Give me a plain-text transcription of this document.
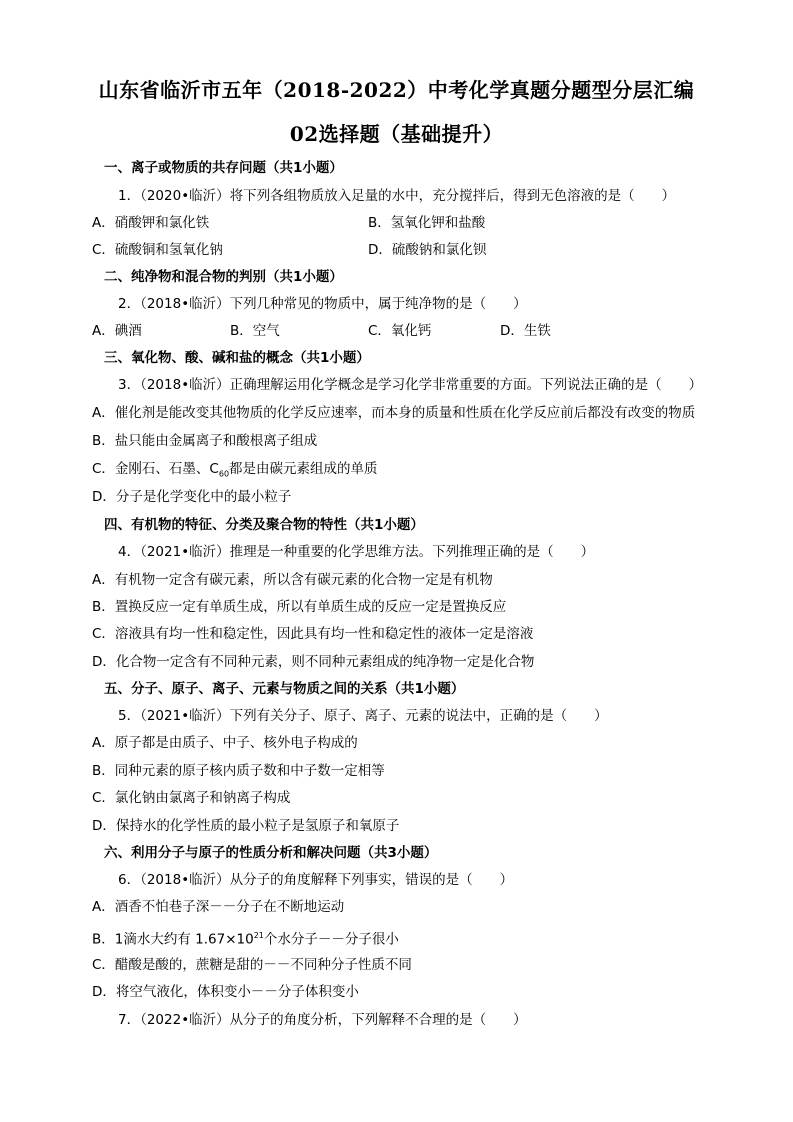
山东省临沂市五年（2018-2022）中考化学真题分题型分层汇编
02选择题（基础提升）
一、离子或物质的共存问题（共1小题）
1．（2020•临沂）将下列各组物质放入足量的水中，充分搅拌后，得到无色溶液的是（　　）
A．硝酸钾和氯化铁	B．氢氧化钾和盐酸
C．硫酸铜和氢氧化钠	D．硫酸钠和氯化钡
二、纯净物和混合物的判别（共1小题）
2．（2018•临沂）下列几种常见的物质中，属于纯净物的是（　　）
A．碘酒	B．空气	C．氧化钙	D．生铁
三、氧化物、酸、碱和盐的概念（共1小题）
3．（2018•临沂）正确理解运用化学概念是学习化学非常重要的方面。下列说法正确的是（　　）
A．催化剂是能改变其他物质的化学反应速率，而本身的质量和性质在化学反应前后都没有改变的物质
B．盐只能由金属离子和酸根离子组成
C．金刚石、石墨、$C_{60}$都是由碳元素组成的单质
D．分子是化学变化中的最小粒子
四、有机物的特征、分类及聚合物的特性（共1小题）
4．（2021•临沂）推理是一种重要的化学思维方法。下列推理正确的是（　　）
A．有机物一定含有碳元素，所以含有碳元素的化合物一定是有机物
B．置换反应一定有单质生成，所以有单质生成的反应一定是置换反应
C．溶液具有均一性和稳定性，因此具有均一性和稳定性的液体一定是溶液
D．化合物一定含有不同种元素，则不同种元素组成的纯净物一定是化合物
五、分子、原子、离子、元素与物质之间的关系（共1小题）
5．（2021•临沂）下列有关分子、原子、离子、元素的说法中，正确的是（　　）
A．原子都是由质子、中子、核外电子构成的
B．同种元素的原子核内质子数和中子数一定相等
C．氯化钠由氯离子和钠离子构成
D．保持水的化学性质的最小粒子是氢原子和氧原子
六、利用分子与原子的性质分析和解决问题（共3小题）
6．（2018•临沂）从分子的角度解释下列事实，错误的是（　　）
A．酒香不怕巷子深－－分子在不断地运动
B．1滴水大约有 $1.67\times 10^{21}$个水分子－－分子很小
C．醋酸是酸的，蔗糖是甜的－－不同种分子性质不同
D．将空气液化，体积变小－－分子体积变小
7．（2022•临沂）从分子的角度分析，下列解释不合理的是（　　）
